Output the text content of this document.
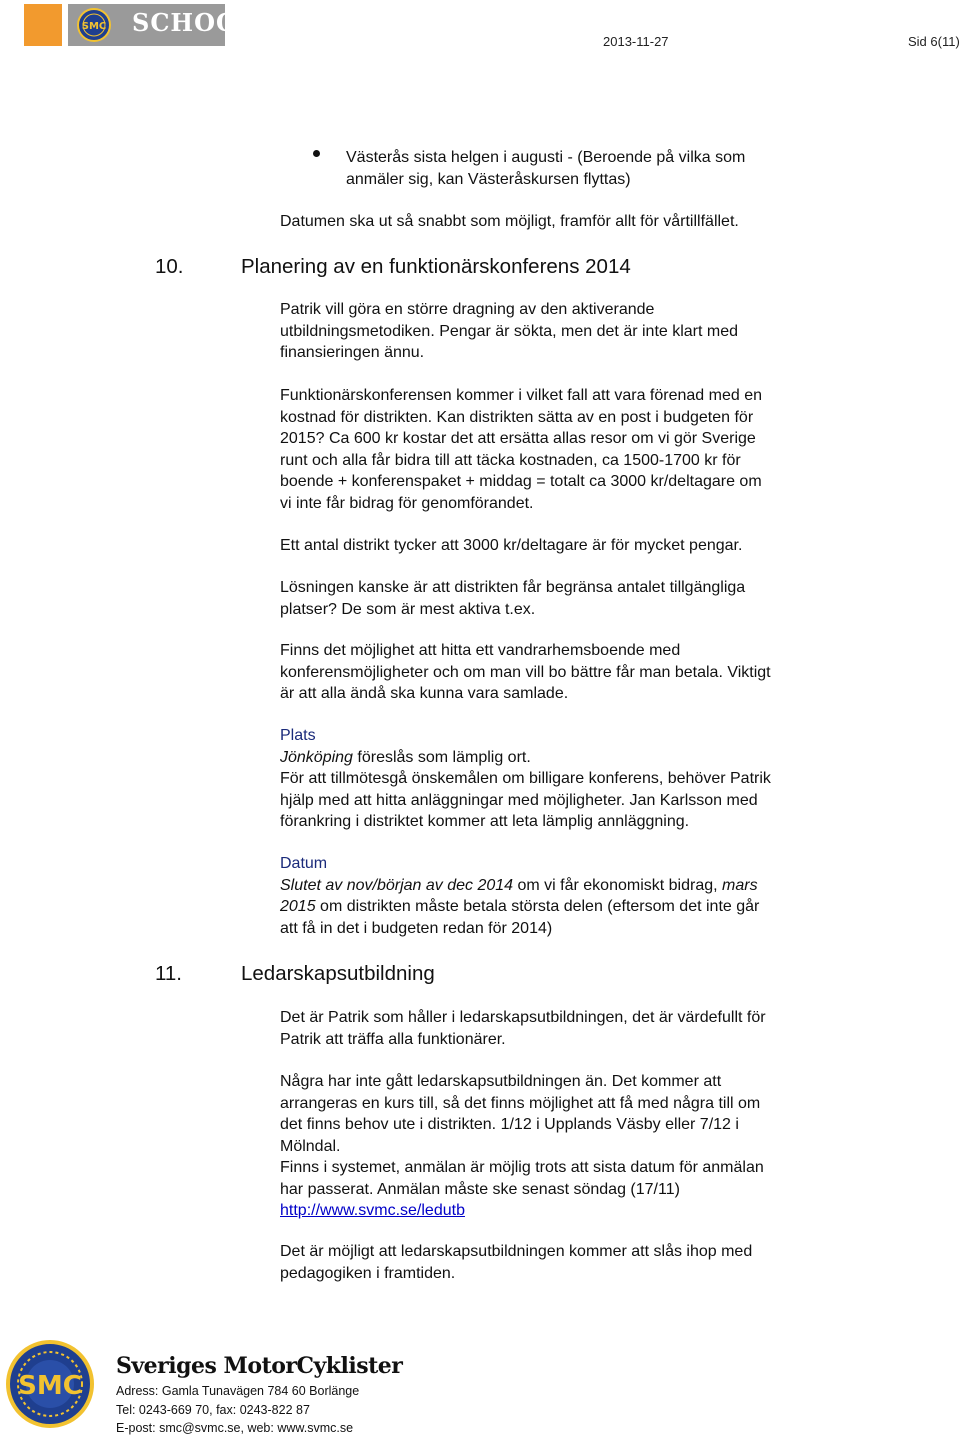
SMC SCHOOL
2013-11-27	Sid 6(11)
Västerås sista helgen i augusti - (Beroende på vilka som
anmäler sig, kan Västeråskursen flyttas)
Datumen ska ut så snabbt som möjligt, framför allt för vårtillfället.
10.	Planering av en funktionärskonferens 2014
Patrik vill göra en större dragning av den aktiverande
utbildningsmetodiken. Pengar är sökta, men det är inte klart med
finansieringen ännu.
Funktionärskonferensen kommer i vilket fall att vara förenad med en
kostnad för distrikten. Kan distrikten sätta av en post i budgeten för
2015? Ca 600 kr kostar det att ersätta allas resor om vi gör Sverige
runt och alla får bidra till att täcka kostnaden, ca 1500-1700 kr för
boende + konferenspaket + middag = totalt ca 3000 kr/deltagare om
vi inte får bidrag för genomförandet.
Ett antal distrikt tycker att 3000 kr/deltagare är för mycket pengar.
Lösningen kanske är att distrikten får begränsa antalet tillgängliga
platser? De som är mest aktiva t.ex.
Finns det möjlighet att hitta ett vandrarhemsboende med
konferensmöjligheter och om man vill bo bättre får man betala. Viktigt
är att alla ändå ska kunna vara samlade.
Plats
Jönköping föreslås som lämplig ort.
För att tillmötesgå önskemålen om billigare konferens, behöver Patrik
hjälp med att hitta anläggningar med möjligheter. Jan Karlsson med
förankring i distriktet kommer att leta lämplig annläggning.
Datum
Slutet av nov/början av dec 2014 om vi får ekonomiskt bidrag, mars
2015 om distrikten måste betala största delen (eftersom det inte går
att få in det i budgeten redan för 2014)
11.	Ledarskapsutbildning
Det är Patrik som håller i ledarskapsutbildningen, det är värdefullt för
Patrik att träffa alla funktionärer.
Några har inte gått ledarskapsutbildningen än. Det kommer att
arrangeras en kurs till, så det finns möjlighet att få med några till om
det finns behov ute i distrikten. 1/12 i Upplands Väsby eller 7/12 i
Mölndal.
Finns i systemet, anmälan är möjlig trots att sista datum för anmälan
har passerat. Anmälan måste ske senast söndag (17/11)
http://www.svmc.se/ledutb
Det är möjligt att ledarskapsutbildningen kommer att slås ihop med
pedagogiken i framtiden.
SMC
Sveriges MotorCyklister
Adress: Gamla Tunavägen 784 60 Borlänge
Tel: 0243-669 70, fax: 0243-822 87
E-post: smc@svmc.se, web: www.svmc.se
